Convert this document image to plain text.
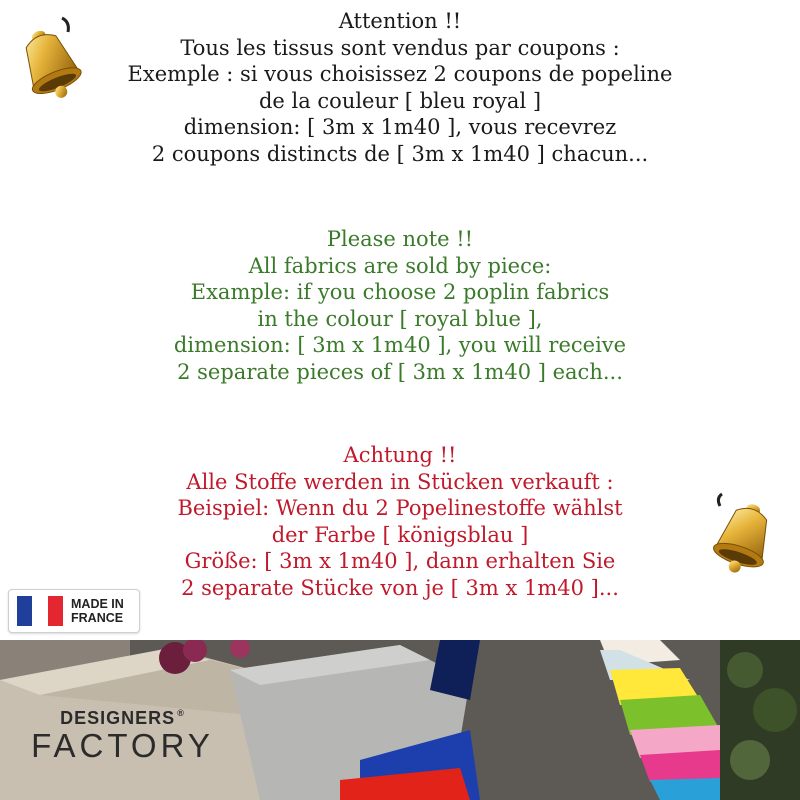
Attention !!
Tous les tissus sont vendus par coupons :
Exemple : si vous choisissez 2 coupons de popeline
de la couleur [ bleu royal ]
dimension: [ 3m x 1m40 ], vous recevrez
2 coupons distincts de [ 3m x 1m40 ] chacun...
Please note !!
All fabrics are sold by piece:
Example: if you choose 2 poplin fabrics
in the colour [ royal blue ],
dimension: [ 3m x 1m40 ], you will receive
2 separate pieces of [ 3m x 1m40 ] each...
Achtung !!
Alle Stoffe werden in Stücken verkauft :
Beispiel: Wenn du 2 Popelinestoffe wählst
der Farbe [ königsblau ]
Größe: [ 3m x 1m40 ], dann erhalten Sie
2 separate Stücke von je [ 3m x 1m40 ]...
MADE IN
FRANCE
DESIGNERS ®
FACTORY
